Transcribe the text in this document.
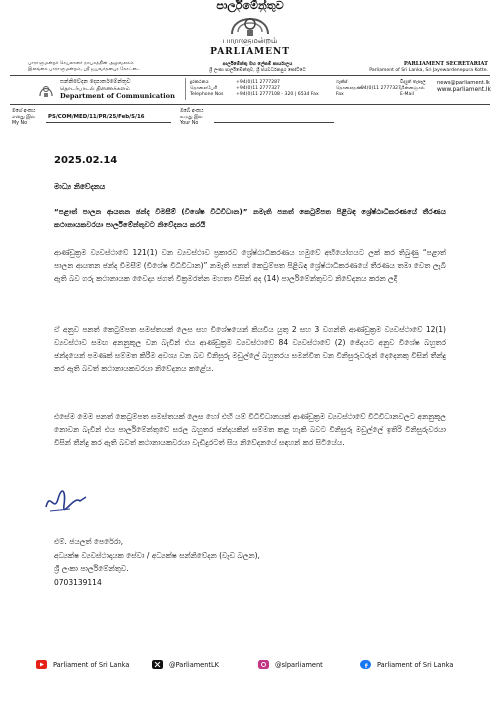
පාර්ලිමේන්තුව
பாராளுமன்றம்
PARLIAMENT
பாராளுமன்றச் செயலாளர் நாயகத்தின் அலுவலகம்
இலங்கை பாராளுமன்றம், ஸ்ரீ ஜயவர்தனபுர கோட்டை
පාර්ලිමේන්තු මහ ලේකම් කාර්යාලය
ශ්‍රී ලංකා පාර්ලිමේන්තුව, ශ්‍රී ජයවර්ධනපුර කෝට්ටෙ
PARLIAMENT SECRETARIAT
Parliament of Sri Lanka, Sri Jayewardenepura Kotte.
සන්නිවේදන දෙපාර්තමේන්තුව
தொடர்பாடல் திணைக்களம்
Department of Communication
දුරකථනය
தொலைபேசி
Telephone Nos
+94(0)11 2777287
+94(0)11 2777327
+94(0)11 2777108 - 320 | 6534 Fax
ෆැක්ස්
தொலைநகல்
Fax
+94(0)11 2777327
විද්‍යුත් තැපෑල
மின்னஞ்சல்
E-Mail
news@parliament.lk
www.parliament.lk
මගේ අංකය
எனது இல
My No
PS/COM/MED/11/PR/25/Feb/S/16
ඔබේ අංකය
உமது இல
Your No
2025.02.14
මාධ්‍ය නිවේදනය
“පළාත් පාලන ආයතන ඡන්ද විමසීම් (විශේෂ විධිවිධාන)” නමැති පනත් කෙටුම්පත පිළිබඳ ශ්‍රේෂ්ඨාධිකරණයේ තීරණය කථානායකවරයා පාර්ලිමේන්තුවට නිවේදනය කරයි
ආණ්ඩුක්‍රම ව්‍යවස්ථාවේ 121(1) වන ව්‍යවස්ථාව ප්‍රකාරව ශ්‍රේෂ්ඨාධිකරණය හමුවේ අභියෝගයට ලක් කර තිබුණු “පළාත් පාලන ආයතන ඡන්ද විමසීම් (විශේෂ විධිවිධාන)” නමැති පනත් කෙටුම්පත පිළිබඳ ශ්‍රේෂ්ඨාධිකරණයේ තීරණය තමා වෙත ලැබී ඇති බව ගරු කථානායක වෛද්‍ය ජගත් වික්‍රමරත්න මහතා විසින් අද (14) පාර්ලිමේන්තුවට නිවේදනය කරන ලදී
ඒ අනුව පනත් කෙටුම්පත සමස්තයක් ලෙස සහ විශේෂයෙන් කියවිය යුතු 2 සහ 3 වගන්ති ආණ්ඩුක්‍රම ව්‍යවස්ථාවේ 12(1) ව්‍යවස්ථාව සමඟ අනනුකූල වන බැවින් එය ආණ්ඩුක්‍රම ව්‍යවස්ථාවේ 84 ව්‍යවස්ථාවේ (2) ඡේදයට අනුව විශේෂ බහුතර ඡන්දයෙන් පමණක් සම්මත කිරීම අවශ්‍ය වන බව විනිසුරු මඩුල්ලේ බහුතරය සමන්විත වන විනිසුරුවරුන් දෙදෙනකු විසින් තීන්දු කර ඇති බවත් කථානායකවරයා නිවේදනය කළේය.
එසේම මෙම පනත් කෙටුම්පත සමස්තයක් ලෙස හෝ එහි යම් විධිවිධානයක් ආණ්ඩුක්‍රම ව්‍යවස්ථාවේ විධිවිධානවලට අනනුකූල නොවන බැවින් එය පාර්ලිමේන්තුවේ සරල බහුතර ඡන්දයකින් සම්මත කළ හැකි බවට විනිසුරු මඩුල්ලේ ඉතිරි විනිසුරුවරයා විසින් තීන්දු කර ඇති බවත් කථානායකවරයා වැඩිදුරටත් සිය නිවේදනයේ සඳහන් කර සිටියේය.
එම්. ජයලත් පෙරේරා,
අධ්‍යක්ෂ ව්‍යවස්ථාදායක සේවා / අධ්‍යක්ෂ සන්නිවේදන (වැඩ බලන),
ශ්‍රී ලංකා පාර්ලිමේන්තුව.
0703139114
Parliament of Sri Lanka	@ParliamentLK	@slparliament	Parliament of Sri Lanka
